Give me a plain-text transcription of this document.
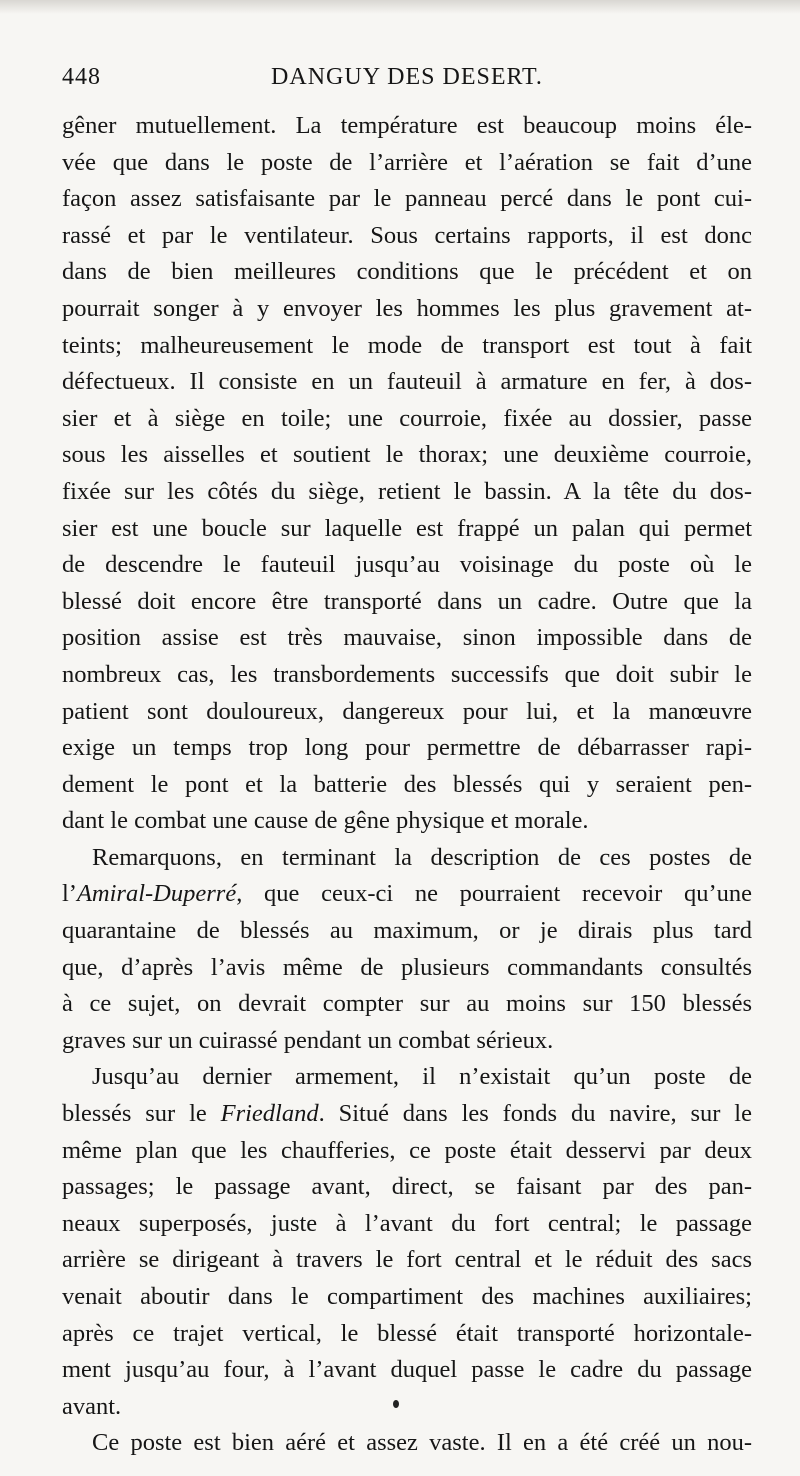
448	DANGUY DES DESERT.
gêner mutuellement. La température est beaucoup moins éle-
vée que dans le poste de l’arrière et l’aération se fait d’une
façon assez satisfaisante par le panneau percé dans le pont cui-
rassé et par le ventilateur. Sous certains rapports, il est donc
dans de bien meilleures conditions que le précédent et on
pourrait songer à y envoyer les hommes les plus gravement at-
teints; malheureusement le mode de transport est tout à fait
défectueux. Il consiste en un fauteuil à armature en fer, à dos-
sier et à siège en toile; une courroie, fixée au dossier, passe
sous les aisselles et soutient le thorax; une deuxième courroie,
fixée sur les côtés du siège, retient le bassin. A la tête du dos-
sier est une boucle sur laquelle est frappé un palan qui permet
de descendre le fauteuil jusqu’au voisinage du poste où le
blessé doit encore être transporté dans un cadre. Outre que la
position assise est très mauvaise, sinon impossible dans de
nombreux cas, les transbordements successifs que doit subir le
patient sont douloureux, dangereux pour lui, et la manœuvre
exige un temps trop long pour permettre de débarrasser rapi-
dement le pont et la batterie des blessés qui y seraient pen-
dant le combat une cause de gêne physique et morale.
Remarquons, en terminant la description de ces postes de
l’Amiral-Duperré, que ceux-ci ne pourraient recevoir qu’une
quarantaine de blessés au maximum, or je dirais plus tard
que, d’après l’avis même de plusieurs commandants consultés
à ce sujet, on devrait compter sur au moins sur 150 blessés
graves sur un cuirassé pendant un combat sérieux.
Jusqu’au dernier armement, il n’existait qu’un poste de
blessés sur le Friedland. Situé dans les fonds du navire, sur le
même plan que les chaufferies, ce poste était desservi par deux
passages; le passage avant, direct, se faisant par des pan-
neaux superposés, juste à l’avant du fort central; le passage
arrière se dirigeant à travers le fort central et le réduit des sacs
venait aboutir dans le compartiment des machines auxiliaires;
après ce trajet vertical, le blessé était transporté horizontale-
ment jusqu’au four, à l’avant duquel passe le cadre du passage
avant.
Ce poste est bien aéré et assez vaste. Il en a été créé un nou-
